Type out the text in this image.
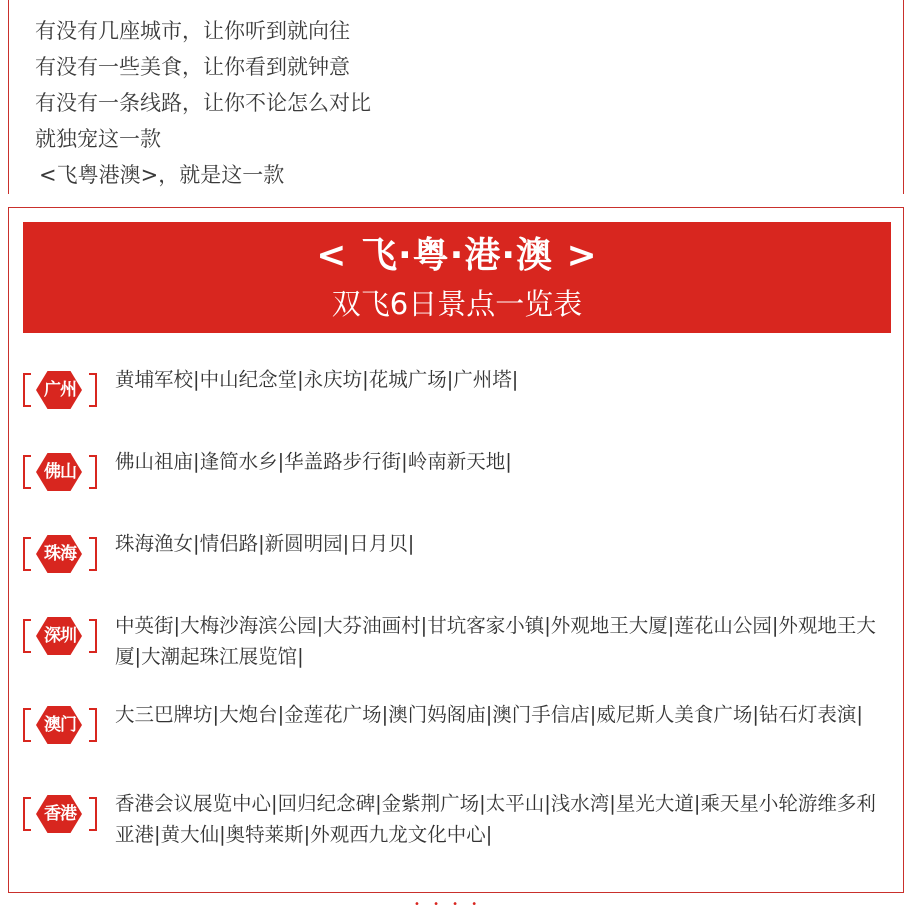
有没有几座城市，让你听到就向往
有没有一些美食，让你看到就钟意
有没有一条线路，让你不论怎么对比
就独宠这一款
<飞粤港澳>，就是这一款
< 飞·粤·港·澳 >
双飞6日景点一览表
广州	黄埔军校|中山纪念堂|永庆坊|花城广场|广州塔|
佛山	佛山祖庙|逢简水乡|华盖路步行街|岭南新天地|
珠海	珠海渔女|情侣路|新圆明园|日月贝|
深圳	中英街|大梅沙海滨公园|大芬油画村|甘坑客家小镇|外观地王大厦|莲花山公园|外观地王大厦|大潮起珠江展览馆|
澳门	大三巴牌坊|大炮台|金莲花广场|澳门妈阁庙|澳门手信店|威尼斯人美食广场|钻石灯表演|
香港	香港会议展览中心|回归纪念碑|金紫荆广场|太平山|浅水湾|星光大道|乘天星小轮游维多利亚港|黄大仙|奥特莱斯|外观西九龙文化中心|
• • • •
